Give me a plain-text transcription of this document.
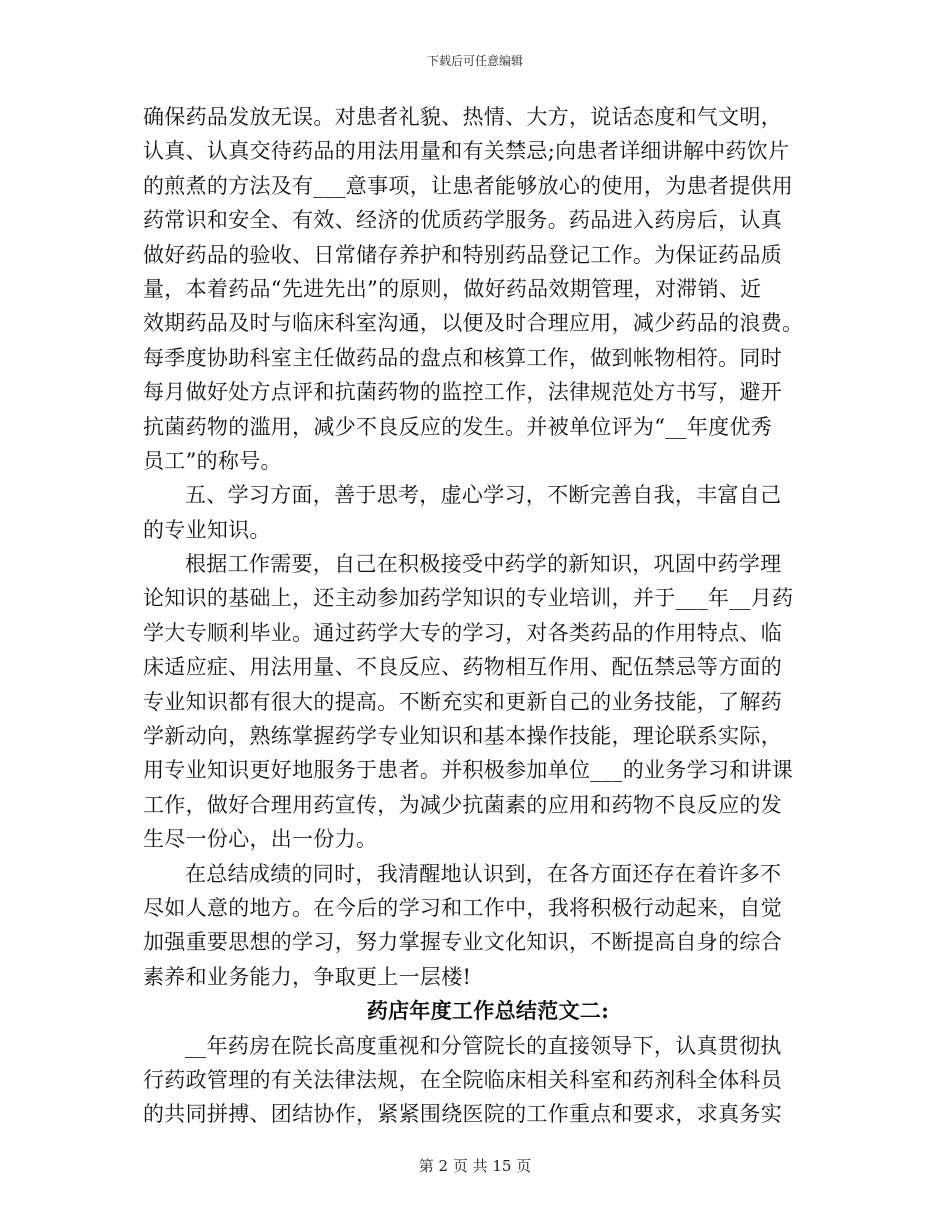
下载后可任意编辑
确保药品发放无误。对患者礼貌、热情、大方，说话态度和气文明，
认真、认真交待药品的用法用量和有关禁忌;向患者详细讲解中药饮片
的煎煮的方法及有___意事项，让患者能够放心的使用，为患者提供用
药常识和安全、有效、经济的优质药学服务。药品进入药房后，认真
做好药品的验收、日常储存养护和特别药品登记工作。为保证药品质
量，本着药品“先进先出”的原则，做好药品效期管理，对滞销、近
效期药品及时与临床科室沟通，以便及时合理应用，减少药品的浪费。
每季度协助科室主任做药品的盘点和核算工作，做到帐物相符。同时
每月做好处方点评和抗菌药物的监控工作，法律规范处方书写，避开
抗菌药物的滥用，减少不良反应的发生。并被单位评为“__年度优秀
员工”的称号。
五、学习方面，善于思考，虚心学习，不断完善自我，丰富自己
的专业知识。
根据工作需要，自己在积极接受中药学的新知识，巩固中药学理
论知识的基础上，还主动参加药学知识的专业培训，并于___年__月药
学大专顺利毕业。通过药学大专的学习，对各类药品的作用特点、临
床适应症、用法用量、不良反应、药物相互作用、配伍禁忌等方面的
专业知识都有很大的提高。不断充实和更新自己的业务技能，了解药
学新动向，熟练掌握药学专业知识和基本操作技能，理论联系实际，
用专业知识更好地服务于患者。并积极参加单位___的业务学习和讲课
工作，做好合理用药宣传，为减少抗菌素的应用和药物不良反应的发
生尽一份心，出一份力。
在总结成绩的同时，我清醒地认识到，在各方面还存在着许多不
尽如人意的地方。在今后的学习和工作中，我将积极行动起来，自觉
加强重要思想的学习，努力掌握专业文化知识，不断提高自身的综合
素养和业务能力，争取更上一层楼!
药店年度工作总结范文二:
__年药房在院长高度重视和分管院长的直接领导下，认真贯彻执
行药政管理的有关法律法规，在全院临床相关科室和药剂科全体科员
的共同拼搏、团结协作，紧紧围绕医院的工作重点和要求，求真务实
第 2 页 共 15 页
